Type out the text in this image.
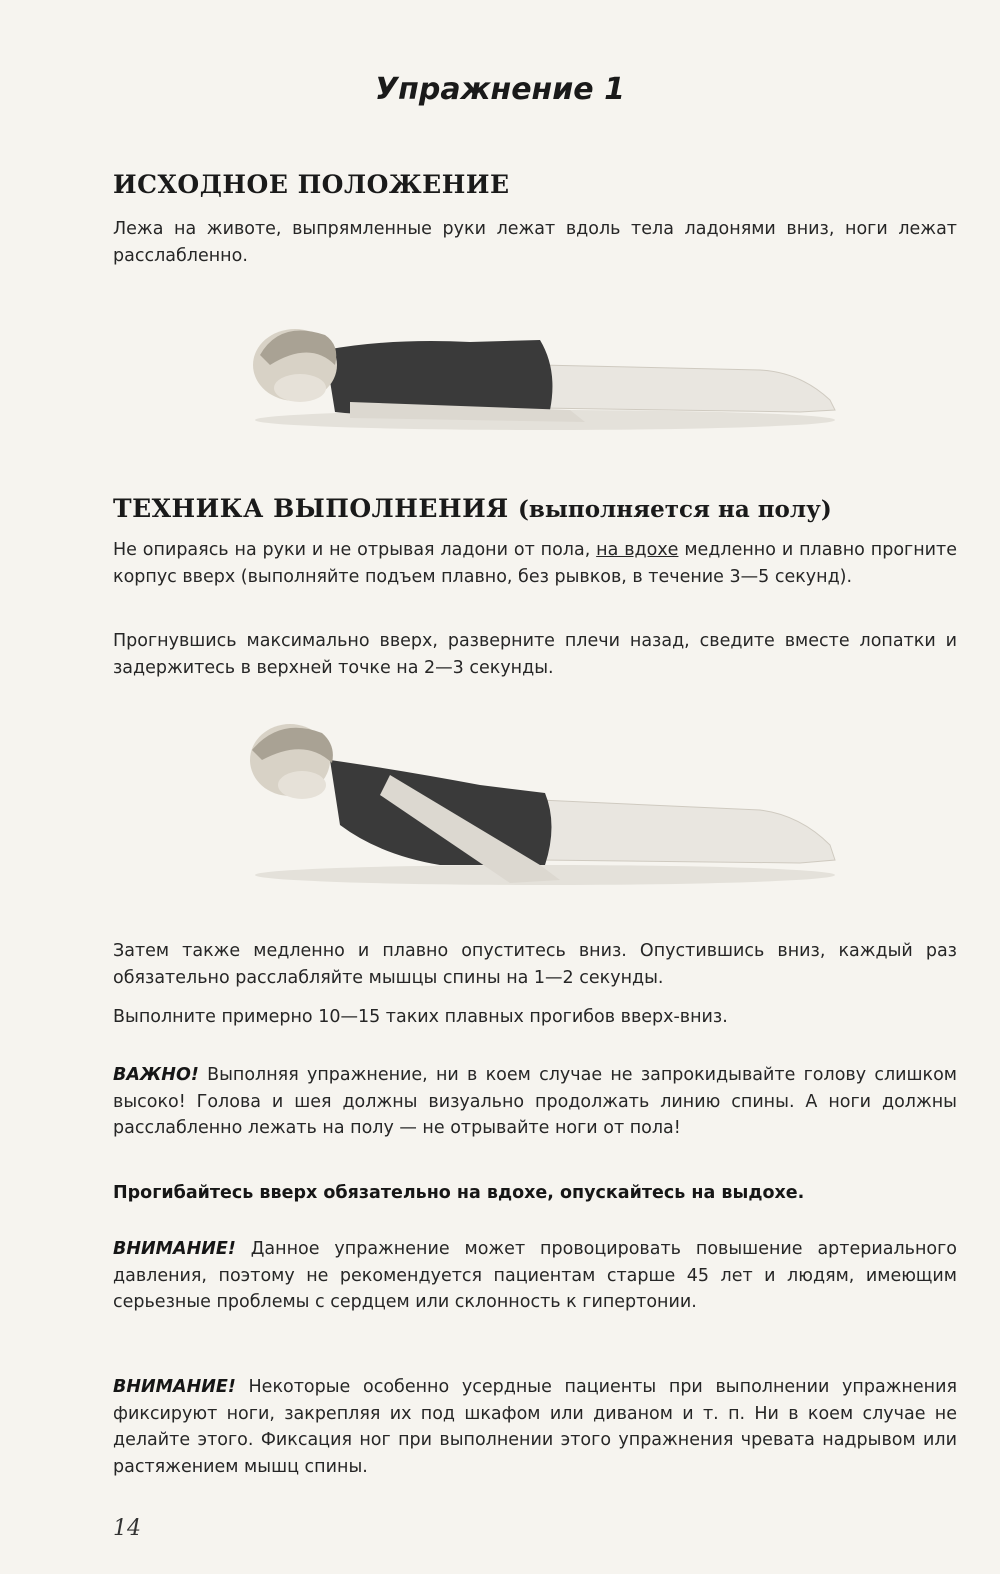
Упражнение 1
ИСХОДНОЕ ПОЛОЖЕНИЕ

Лежа на животе, выпрямленные руки лежат вдоль тела ладонями вниз, ноги лежат расслабленно.

ТЕХНИКА ВЫПОЛНЕНИЯ (выполняется на полу)

Не опираясь на руки и не отрывая ладони от пола, на вдохе медленно и плавно прогните корпус вверх (выполняйте подъем плавно, без рывков, в течение 3—5 секунд).

Прогнувшись максимально вверх, разверните плечи назад, сведите вместе лопатки и задержитесь в верхней точке на 2—3 секунды.

Затем также медленно и плавно опуститесь вниз. Опустившись вниз, каждый раз обязательно расслабляйте мышцы спины на 1—2 секунды.

Выполните примерно 10—15 таких плавных прогибов вверх-вниз.

ВАЖНО! Выполняя упражнение, ни в коем случае не запрокидывайте голову слишком высоко! Голова и шея должны визуально продолжать линию спины. А ноги должны расслабленно лежать на полу — не отрывайте ноги от пола!

Прогибайтесь вверх обязательно на вдохе, опускайтесь на выдохе.

ВНИМАНИЕ! Данное упражнение может провоцировать повышение артериального давления, поэтому не рекомендуется пациентам старше 45 лет и людям, имеющим серьезные проблемы с сердцем или склонность к гипертонии.

ВНИМАНИЕ! Некоторые особенно усердные пациенты при выполнении упражнения фиксируют ноги, закрепляя их под шкафом или диваном и т. п. Ни в коем случае не делайте этого. Фиксация ног при выполнении этого упражнения чревата надрывом или растяжением мышц спины.

14
